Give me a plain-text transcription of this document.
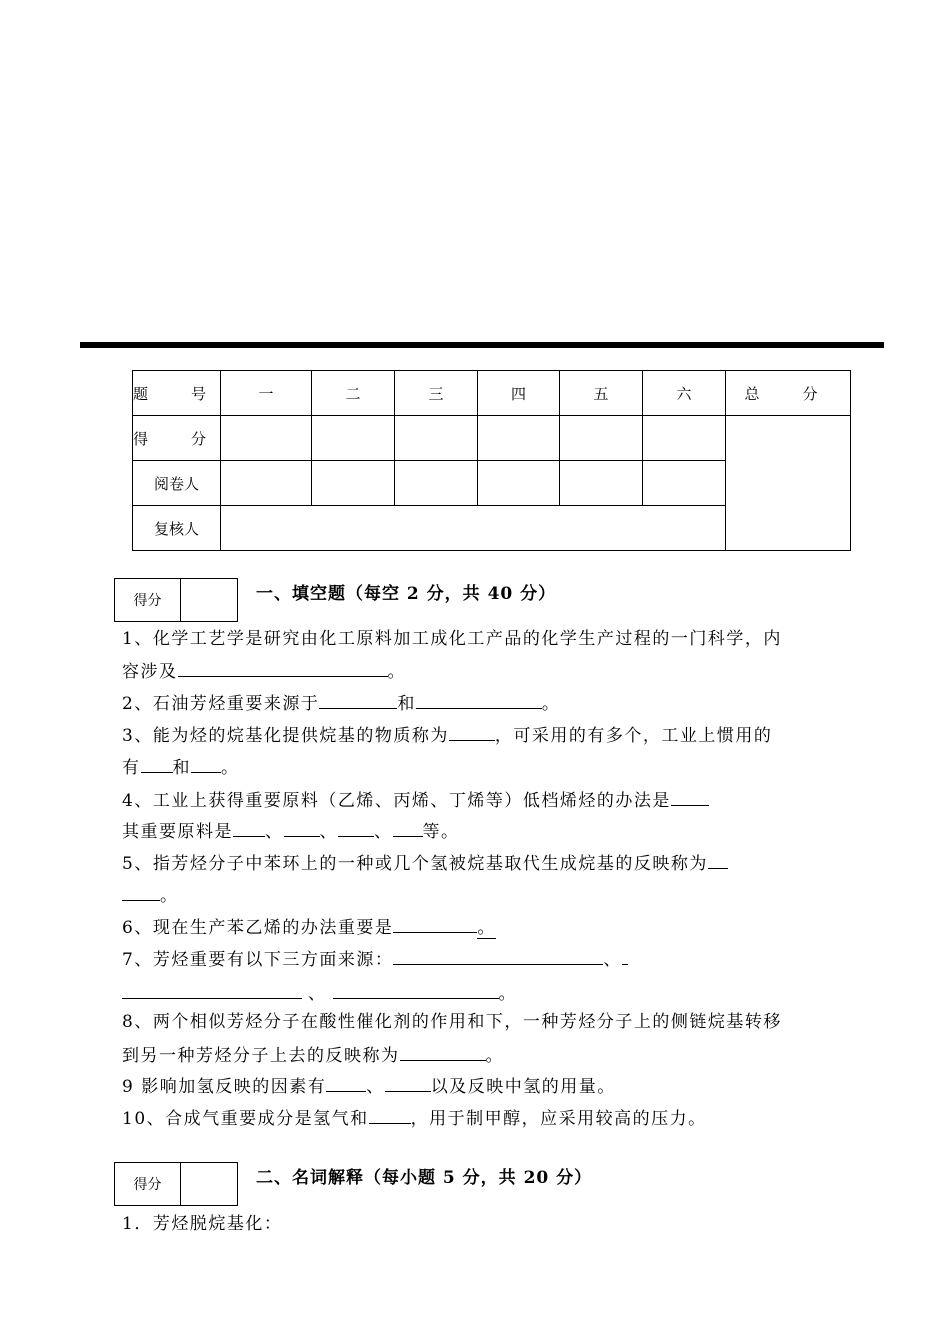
题　号	一	二	三	四	五	六	总　分
得　分							
阅卷人							
复核人							
得分	一、填空题（每空 2 分，共 40 分）
1、化学工艺学是研究由化工原料加工成化工产品的化学生产过程的一门科学，内
容涉及	。
2、石油芳烃重要来源于	和	。
3、能为烃的烷基化提供烷基的物质称为	，可采用的有多个，工业上惯用的
有 和 。
4、工业上获得重要原料（乙烯、丙烯、丁烯等）低档烯烃的办法是
其重要原料是 、 、 、 等。
5、指芳烃分子中苯环上的一种或几个氢被烷基取代生成烷基的反映称为
。
6、现在生产苯乙烯的办法重要是	。
7、芳烃重要有以下三方面来源：	、
、	。
8、两个相似芳烃分子在酸性催化剂的作用和下，一种芳烃分子上的侧链烷基转移
到另一种芳烃分子上去的反映称为	。
9 影响加氢反映的因素有 、	以及反映中氢的用量。
10、合成气重要成分是氢气和 ，用于制甲醇，应采用较高的压力。
得分	二、名词解释（每小题 5 分，共 20 分）
1．芳烃脱烷基化：
